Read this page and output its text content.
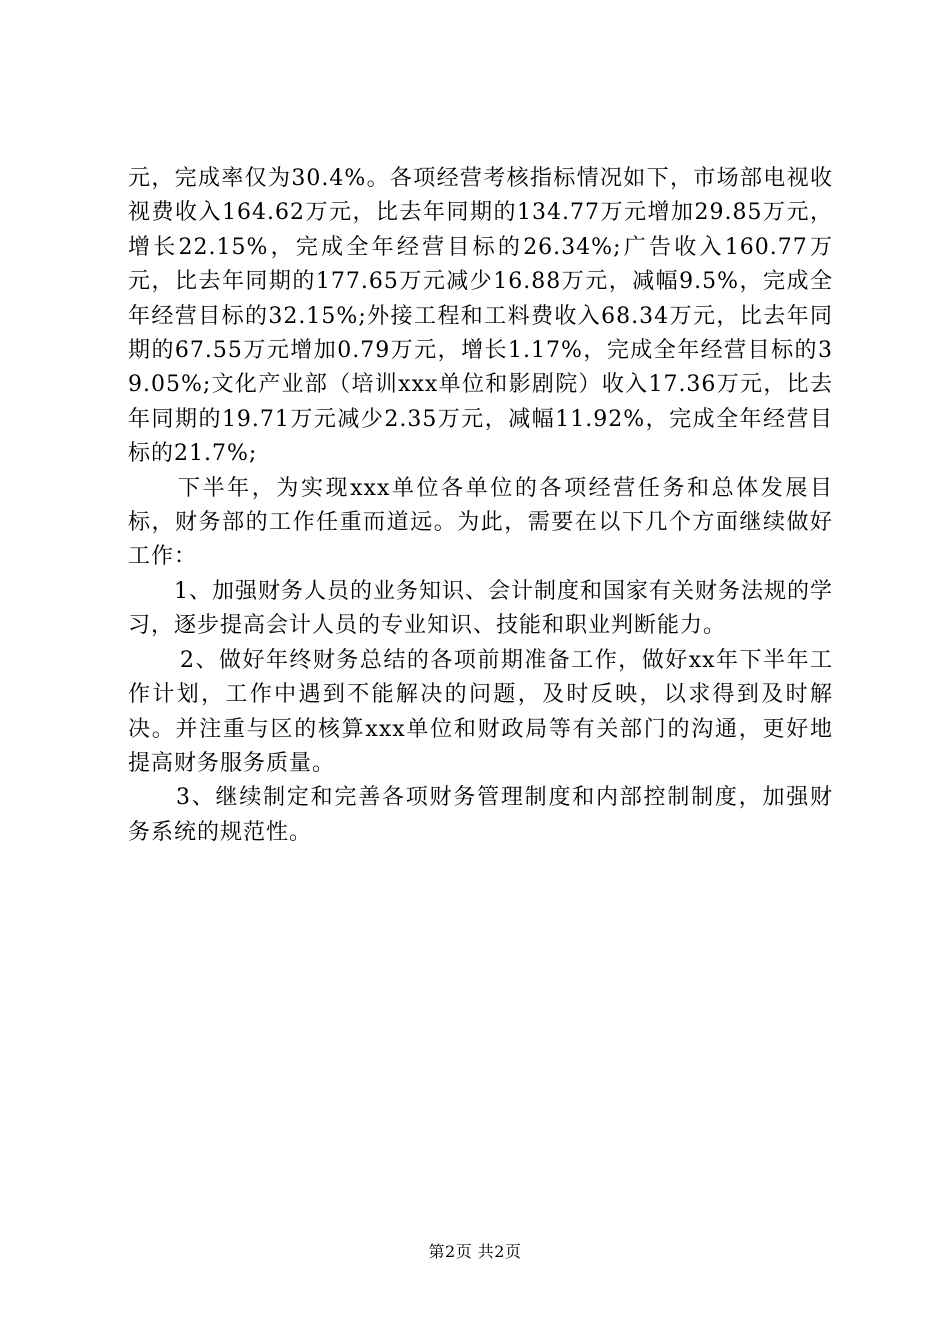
元，完成率仅为30.4%。各项经营考核指标情况如下，市场部电视收视费收入164.62万元，比去年同期的134.77万元增加29.85万元，增长22.15%，完成全年经营目标的26.34%;广告收入160.77万元，比去年同期的177.65万元减少16.88万元，减幅9.5%，完成全年经营目标的32.15%;外接工程和工料费收入68.34万元，比去年同期的67.55万元增加0.79万元，增长1.17%，完成全年经营目标的39.05%;文化产业部（培训xxx单位和影剧院）收入17.36万元，比去年同期的19.71万元减少2.35万元，减幅11.92%，完成全年经营目标的21.7%;

下半年，为实现xxx单位各单位的各项经营任务和总体发展目标，财务部的工作任重而道远。为此，需要在以下几个方面继续做好工作：

1、加强财务人员的业务知识、会计制度和国家有关财务法规的学习，逐步提高会计人员的专业知识、技能和职业判断能力。

2、做好年终财务总结的各项前期准备工作，做好xx年下半年工作计划，工作中遇到不能解决的问题，及时反映，以求得到及时解决。并注重与区的核算xxx单位和财政局等有关部门的沟通，更好地提高财务服务质量。

3、继续制定和完善各项财务管理制度和内部控制制度，加强财务系统的规范性。

第2页 共2页
